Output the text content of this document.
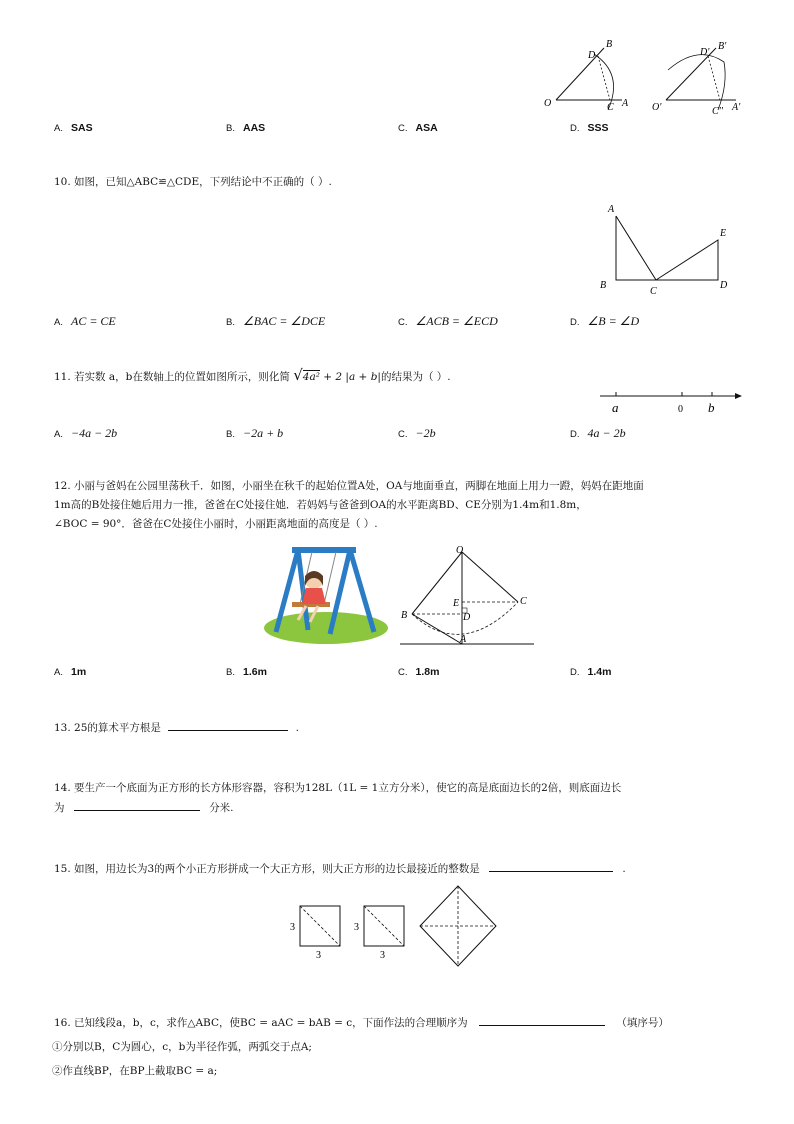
O	A
B
C
D
O'	A'
B'
C''
D'
A. SAS	B. AAS	C. ASA	D. SSS
10. 如图，已知△ABC≌△CDE，下列结论中不正确的（ ）.
A
B
C
D
E
A. AC = CE	B. ∠BAC = ∠DCE	C. ∠ACB = ∠ECD	D. ∠B = ∠D
11. 若实数 a，b在数轴上的位置如图所示，则化简 √4a² + 2 |a + b|的结果为（ ）.
a	0 b
A. −4a − 2b	B. −2a + b	C. −2b	D. 4a − 2b
12. 小丽与爸妈在公园里荡秋千．如图，小丽坐在秋千的起始位置A处，OA与地面垂直，两脚在地面上用力一蹬，妈妈在距地面
1m高的B处接住她后用力一推，爸爸在C处接住她．若妈妈与爸爸到OA的水平距离BD、CE分别为1.4m和1.8m，
∠BOC = 90°．爸爸在C处接住小丽时，小丽距离地面的高度是（ ）.
O
B
C
E
D
A
A. 1m	B. 1.6m	C. 1.8m	D. 1.4m
13. 25的算术平方根是	.
14. 要生产一个底面为正方形的长方体形容器，容积为128L（1L = 1立方分米），使它的高是底面边长的2倍，则底面边长
为	分米.
15. 如图，用边长为3的两个小正方形拼成一个大正方形，则大正方形的边长最接近的整数是	.
3
3
3
3
16. 已知线段a，b，c，求作△ABC，使BC = aAC = bAB = c，下面作法的合理顺序为	（填序号）
①分别以B，C为圆心，c，b为半径作弧，两弧交于点A;
②作直线BP，在BP上截取BC = a;
